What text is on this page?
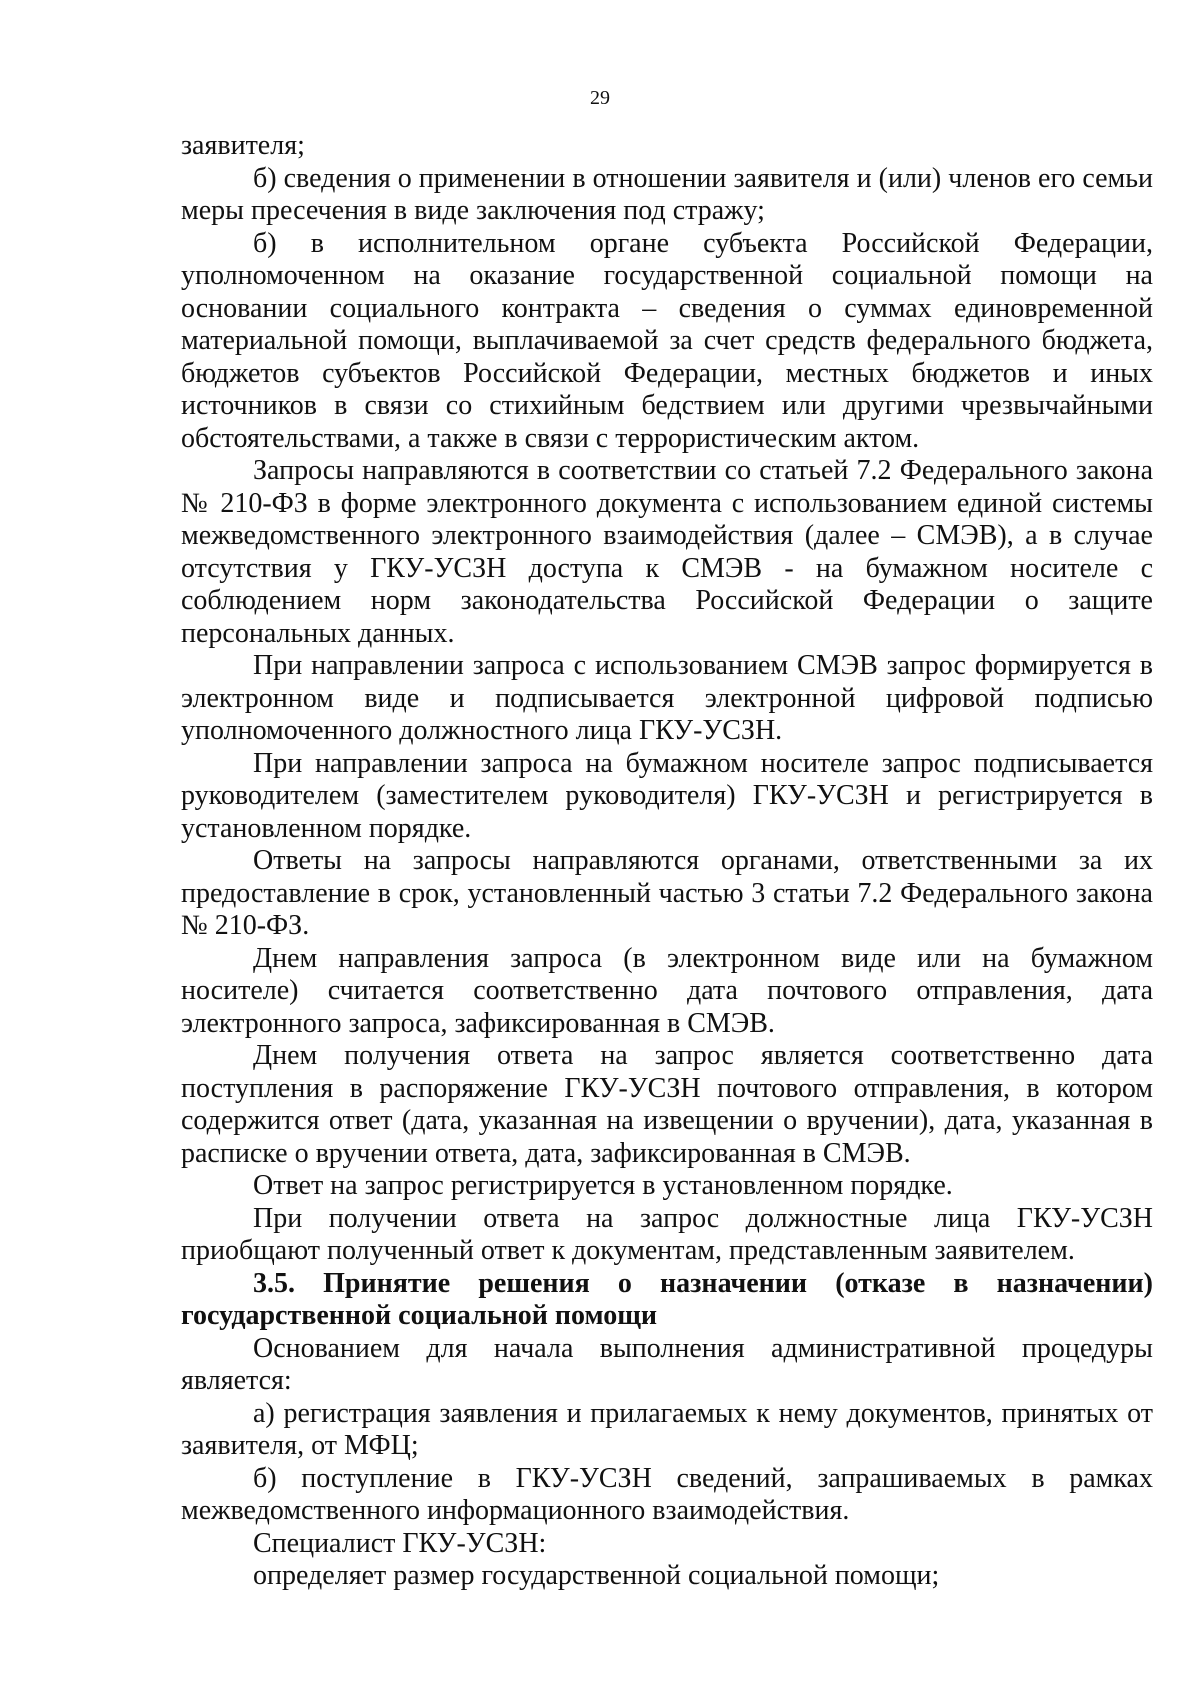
29

заявителя;

б) сведения о применении в отношении заявителя и (или) членов его семьи меры пресечения в виде заключения под стражу;

б) в исполнительном органе субъекта Российской Федерации, уполномоченном на оказание государственной социальной помощи на основании социального контракта – сведения о суммах единовременной материальной помощи, выплачиваемой за счет средств федерального бюджета, бюджетов субъектов Российской Федерации, местных бюджетов и иных источников в связи со стихийным бедствием или другими чрезвычайными обстоятельствами, а также в связи с террористическим актом.

Запросы направляются в соответствии со статьей 7.2 Федерального закона № 210-ФЗ в форме электронного документа с использованием единой системы межведомственного электронного взаимодействия (далее – СМЭВ), а в случае отсутствия у ГКУ-УСЗН доступа к СМЭВ - на бумажном носителе с соблюдением норм законодательства Российской Федерации о защите персональных данных.

При направлении запроса с использованием СМЭВ запрос формируется в электронном виде и подписывается электронной цифровой подписью уполномоченного должностного лица ГКУ-УСЗН.

При направлении запроса на бумажном носителе запрос подписывается руководителем (заместителем руководителя) ГКУ-УСЗН и регистрируется в установленном порядке.

Ответы на запросы направляются органами, ответственными за их предоставление в срок, установленный частью 3 статьи 7.2 Федерального закона № 210-ФЗ.

Днем направления запроса (в электронном виде или на бумажном носителе) считается соответственно дата почтового отправления, дата электронного запроса, зафиксированная в СМЭВ.

Днем получения ответа на запрос является соответственно дата поступления в распоряжение ГКУ-УСЗН почтового отправления, в котором содержится ответ (дата, указанная на извещении о вручении), дата, указанная в расписке о вручении ответа, дата, зафиксированная в СМЭВ.

Ответ на запрос регистрируется в установленном порядке.

При получении ответа на запрос должностные лица ГКУ-УСЗН приобщают полученный ответ к документам, представленным заявителем.

3.5. Принятие решения о назначении (отказе в назначении) государственной социальной помощи

Основанием для начала выполнения административной процедуры является:

а) регистрация заявления и прилагаемых к нему документов, принятых от заявителя, от МФЦ;

б) поступление в ГКУ-УСЗН сведений, запрашиваемых в рамках межведомственного информационного взаимодействия.

Специалист ГКУ-УСЗН:

определяет размер государственной социальной помощи;
